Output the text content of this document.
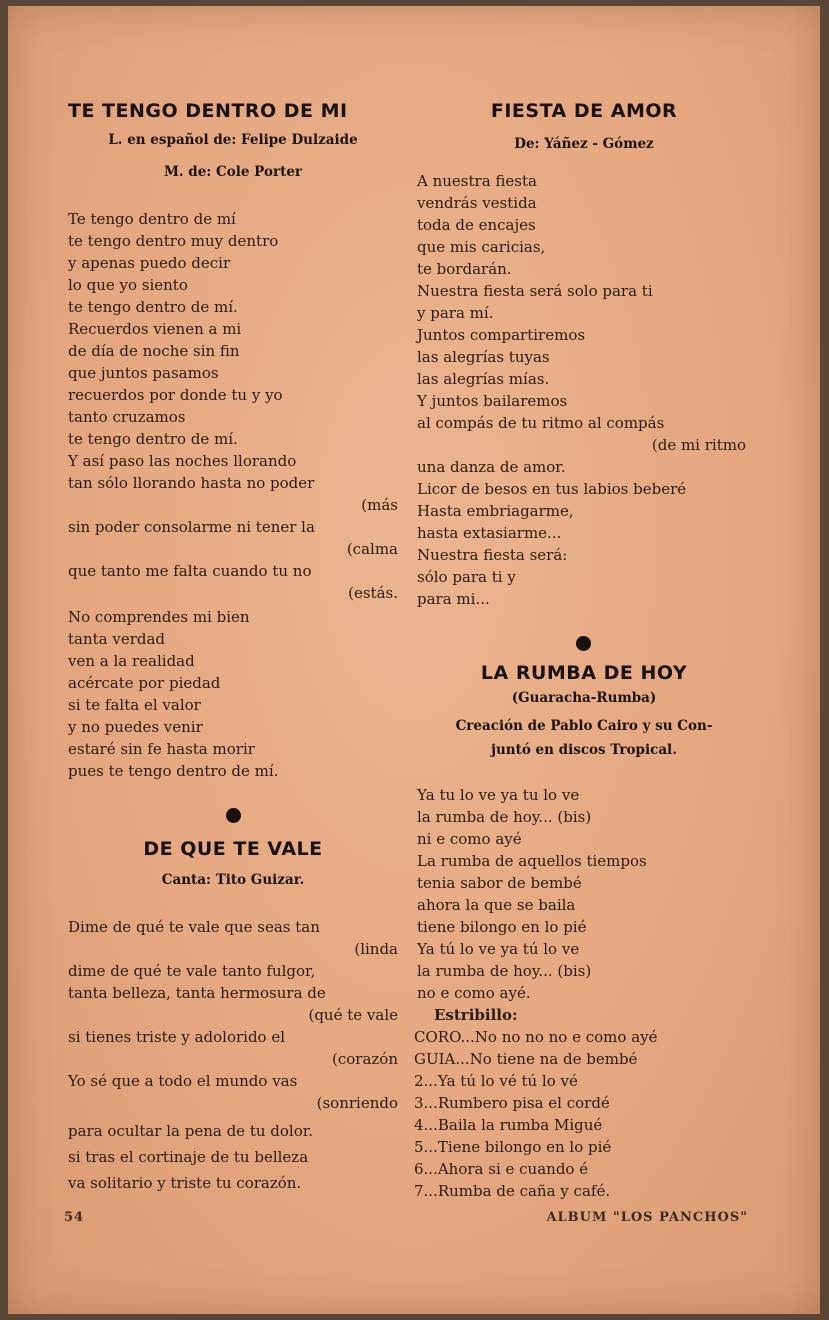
TE TENGO DENTRO DE MI
L. en español de: Felipe Dulzaide
M. de: Cole Porter
Te tengo dentro de mí
te tengo dentro muy dentro
y apenas puedo decir
lo que yo siento
te tengo dentro de mí.
Recuerdos vienen a mi
de día de noche sin fin
que juntos pasamos
recuerdos por donde tu y yo
tanto cruzamos
te tengo dentro de mí.
Y así paso las noches llorando
tan sólo llorando hasta no poder
(más
sin poder consolarme ni tener la
(calma
que tanto me falta cuando tu no
(estás.
No comprendes mi bien
tanta verdad
ven a la realidad
acércate por piedad
si te falta el valor
y no puedes venir
estaré sin fe hasta morir
pues te tengo dentro de mí.
DE QUE TE VALE
Canta: Tito Guizar.
Dime de qué te vale que seas tan
(linda
dime de qué te vale tanto fulgor,
tanta belleza, tanta hermosura de
(qué te vale
si tienes triste y adolorido el
(corazón
Yo sé que a todo el mundo vas
(sonriendo
para ocultar la pena de tu dolor.
si tras el cortinaje de tu belleza
va solitario y triste tu corazón.
54
FIESTA DE AMOR
De: Yáñez - Gómez
A nuestra fiesta
vendrás vestida
toda de encajes
que mis caricias,
te bordarán.
Nuestra fiesta será solo para ti
y para mí.
Juntos compartiremos
las alegrías tuyas
las alegrías mías.
Y juntos bailaremos
al compás de tu ritmo al compás
(de mi ritmo
una danza de amor.
Licor de besos en tus labios beberé
Hasta embriagarme,
hasta extasiarme...
Nuestra fiesta será:
sólo para ti y
para mi...
LA RUMBA DE HOY
(Guaracha-Rumba)
Creación de Pablo Cairo y su Con-
juntó en discos Tropical.
Ya tu lo ve ya tu lo ve
la rumba de hoy... (bis)
ni e como ayé
La rumba de aquellos tiempos
tenia sabor de bembé
ahora la que se baila
tiene bilongo en lo pié
Ya tú lo ve ya tú lo ve
la rumba de hoy... (bis)
no e como ayé.
Estribillo:
CORO...No no no no e como ayé
GUIA...No tiene na de bembé
2...Ya tú lo vé tú lo vé
3...Rumbero pisa el cordé
4...Baila la rumba Migué
5...Tiene bilongo en lo pié
6...Ahora si e cuando é
7...Rumba de caña y café.
ALBUM "LOS PANCHOS"
